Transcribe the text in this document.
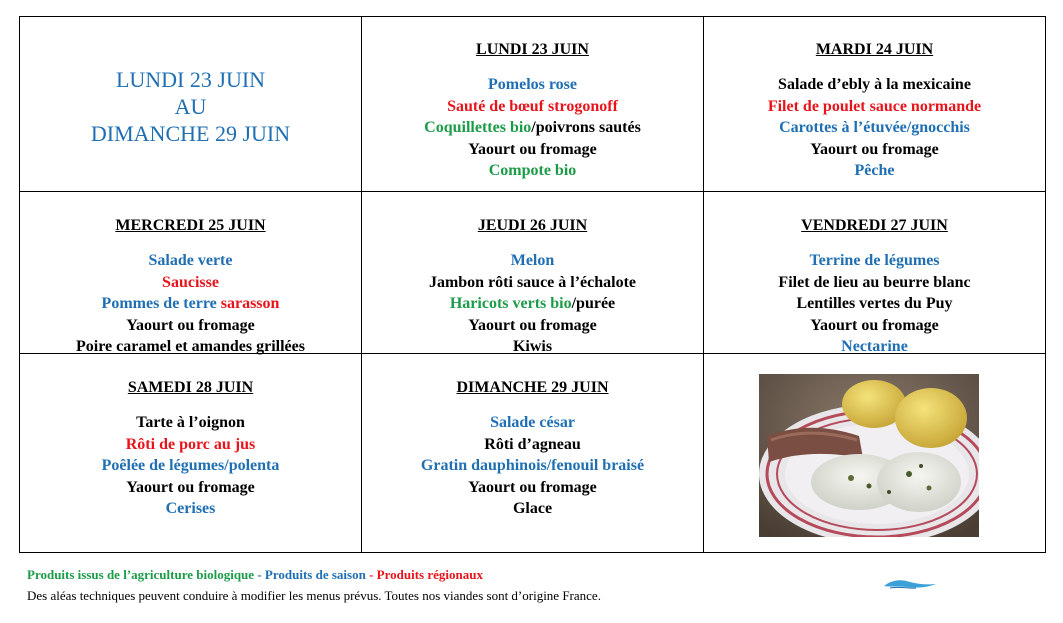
LUNDI 23 JUIN
AU
DIMANCHE 29 JUIN
LUNDI 23 JUIN
Pomelos rose
Sauté de bœuf strogonoff
Coquillettes bio/poivrons sautés
Yaourt ou fromage
Compote bio
MARDI 24 JUIN
Salade d’ebly à la mexicaine
Filet de poulet sauce normande
Carottes à l’étuvée/gnocchis
Yaourt ou fromage
Pêche
MERCREDI 25 JUIN
Salade verte
Saucisse
Pommes de terre sarasson
Yaourt ou fromage
Poire caramel et amandes grillées
JEUDI 26 JUIN
Melon
Jambon rôti sauce à l’échalote
Haricots verts bio/purée
Yaourt ou fromage
Kiwis
VENDREDI 27 JUIN
Terrine de légumes
Filet de lieu au beurre blanc
Lentilles vertes du Puy
Yaourt ou fromage
Nectarine
SAMEDI 28 JUIN
Tarte à l’oignon
Rôti de porc au jus
Poêlée de légumes/polenta
Yaourt ou fromage
Cerises
DIMANCHE 29 JUIN
Salade césar
Rôti d’agneau
Gratin dauphinois/fenouil braisé
Yaourt ou fromage
Glace
Produits issus de l’agriculture biologique - Produits de saison - Produits régionaux
Des aléas techniques peuvent conduire à modifier les menus prévus. Toutes nos viandes sont d’origine France.
